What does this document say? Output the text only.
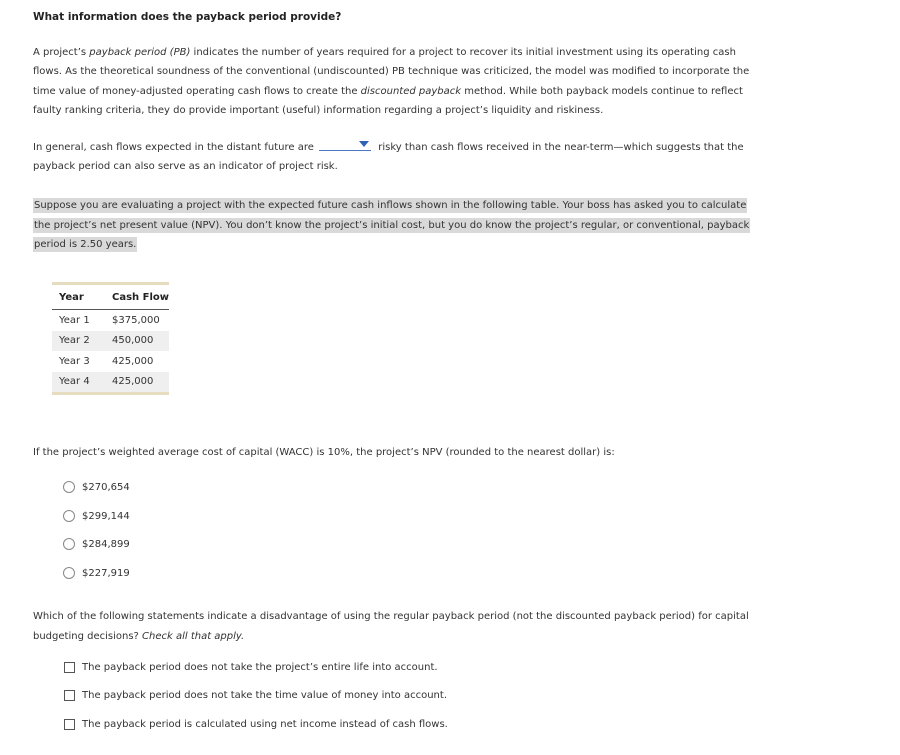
What information does the payback period provide?
A project’s payback period (PB) indicates the number of years required for a project to recover its initial investment using its operating cash flows. As the theoretical soundness of the conventional (undiscounted) PB technique was criticized, the model was modified to incorporate the time value of money-adjusted operating cash flows to create the discounted payback method. While both payback models continue to reflect faulty ranking criteria, they do provide important (useful) information regarding a project’s liquidity and riskiness.
In general, cash flows expected in the distant future are	risky than cash flows received in the near-term—which suggests that the payback period can also serve as an indicator of project risk.
Suppose you are evaluating a project with the expected future cash inflows shown in the following table. Your boss has asked you to calculate the project’s net present value (NPV). You don’t know the project’s initial cost, but you do know the project’s regular, or conventional, payback period is 2.50 years.
Year	Cash Flow
Year 1	$375,000
Year 2	450,000
Year 3	425,000
Year 4	425,000
If the project’s weighted average cost of capital (WACC) is 10%, the project’s NPV (rounded to the nearest dollar) is:
$270,654
$299,144
$284,899
$227,919
Which of the following statements indicate a disadvantage of using the regular payback period (not the discounted payback period) for capital budgeting decisions? Check all that apply.
The payback period does not take the project’s entire life into account.
The payback period does not take the time value of money into account.
The payback period is calculated using net income instead of cash flows.
